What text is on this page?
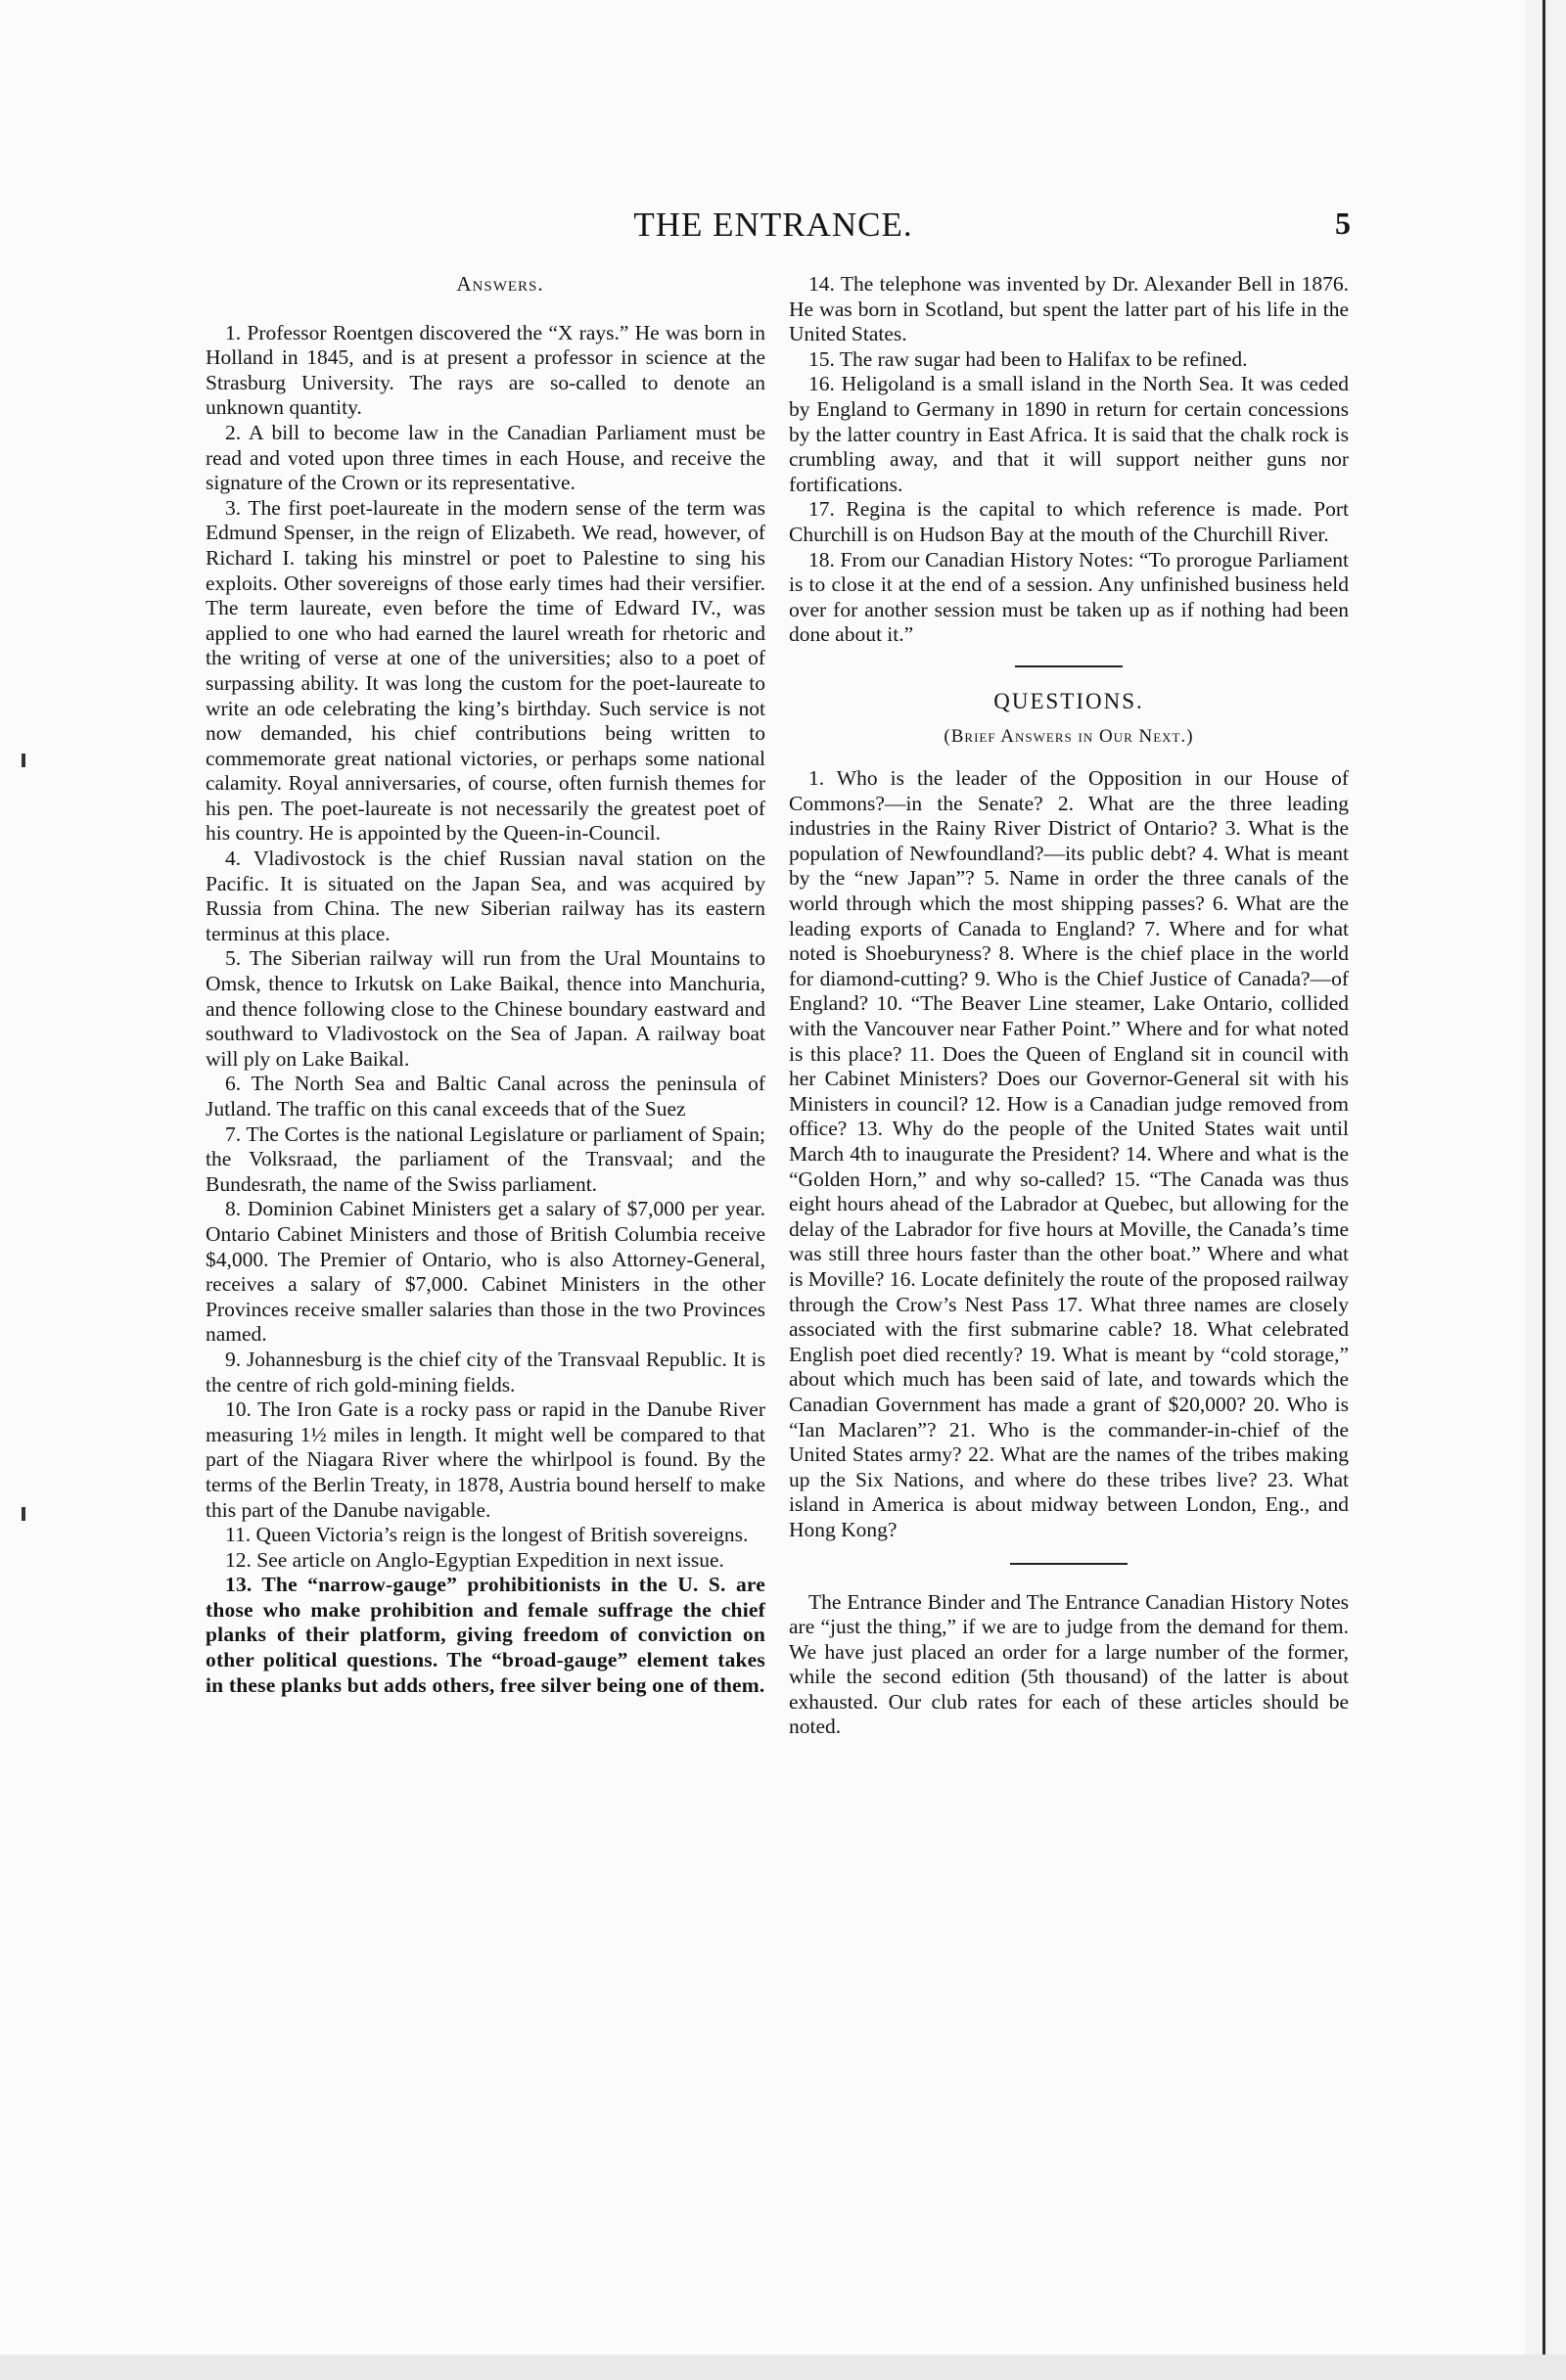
THE ENTRANCE.	5
Answers.

1. Professor Roentgen discovered the “X rays.” He was born in Holland in 1845, and is at present a professor in science at the Strasburg University. The rays are so-called to denote an unknown quantity.

2. A bill to become law in the Canadian Parliament must be read and voted upon three times in each House, and receive the signature of the Crown or its representative.

3. The first poet-laureate in the modern sense of the term was Edmund Spenser, in the reign of Elizabeth. We read, however, of Richard I. taking his minstrel or poet to Palestine to sing his exploits. Other sovereigns of those early times had their versifier. The term laureate, even before the time of Edward IV., was applied to one who had earned the laurel wreath for rhetoric and the writing of verse at one of the universities; also to a poet of surpassing ability. It was long the custom for the poet-laureate to write an ode celebrating the king’s birthday. Such service is not now demanded, his chief contributions being written to commemorate great national victories, or perhaps some national calamity. Royal anniversaries, of course, often furnish themes for his pen. The poet-laureate is not necessarily the greatest poet of his country. He is appointed by the Queen-in-Council.

4. Vladivostock is the chief Russian naval station on the Pacific. It is situated on the Japan Sea, and was acquired by Russia from China. The new Siberian railway has its eastern terminus at this place.

5. The Siberian railway will run from the Ural Mountains to Omsk, thence to Irkutsk on Lake Baikal, thence into Manchuria, and thence following close to the Chinese boundary eastward and southward to Vladivostock on the Sea of Japan. A railway boat will ply on Lake Baikal.

6. The North Sea and Baltic Canal across the peninsula of Jutland. The traffic on this canal exceeds that of the Suez

7. The Cortes is the national Legislature or parliament of Spain; the Volksraad, the parliament of the Transvaal; and the Bundesrath, the name of the Swiss parliament.

8. Dominion Cabinet Ministers get a salary of $7,000 per year. Ontario Cabinet Ministers and those of British Columbia receive $4,000. The Premier of Ontario, who is also Attorney-General, receives a salary of $7,000. Cabinet Ministers in the other Provinces receive smaller salaries than those in the two Provinces named.

9. Johannesburg is the chief city of the Transvaal Republic. It is the centre of rich gold-mining fields.

10. The Iron Gate is a rocky pass or rapid in the Danube River measuring 1½ miles in length. It might well be compared to that part of the Niagara River where the whirlpool is found. By the terms of the Berlin Treaty, in 1878, Austria bound herself to make this part of the Danube navigable.

11. Queen Victoria’s reign is the longest of British sovereigns.

12. See article on Anglo-Egyptian Expedition in next issue.

13. The “narrow-gauge” prohibitionists in the U. S. are those who make prohibition and female suffrage the chief planks of their platform, giving freedom of conviction on other political questions. The “broad-gauge” element takes in these planks but adds others, free silver being one of them.

14. The telephone was invented by Dr. Alexander Bell in 1876. He was born in Scotland, but spent the latter part of his life in the United States.

15. The raw sugar had been to Halifax to be refined.

16. Heligoland is a small island in the North Sea. It was ceded by England to Germany in 1890 in return for certain concessions by the latter country in East Africa. It is said that the chalk rock is crumbling away, and that it will support neither guns nor fortifications.

17. Regina is the capital to which reference is made. Port Churchill is on Hudson Bay at the mouth of the Churchill River.

18. From our Canadian History Notes: “To prorogue Parliament is to close it at the end of a session. Any unfinished business held over for another session must be taken up as if nothing had been done about it.”

QUESTIONS.
(Brief Answers in Our Next.)

1. Who is the leader of the Opposition in our House of Commons?—in the Senate? 2. What are the three leading industries in the Rainy River District of Ontario? 3. What is the population of Newfoundland?—its public debt? 4. What is meant by the “new Japan”? 5. Name in order the three canals of the world through which the most shipping passes? 6. What are the leading exports of Canada to England? 7. Where and for what noted is Shoeburyness? 8. Where is the chief place in the world for diamond-cutting? 9. Who is the Chief Justice of Canada?—of England? 10. “The Beaver Line steamer, Lake Ontario, collided with the Vancouver near Father Point.” Where and for what noted is this place? 11. Does the Queen of England sit in council with her Cabinet Ministers? Does our Governor-General sit with his Ministers in council? 12. How is a Canadian judge removed from office? 13. Why do the people of the United States wait until March 4th to inaugurate the President? 14. Where and what is the “Golden Horn,” and why so-called? 15. “The Canada was thus eight hours ahead of the Labrador at Quebec, but allowing for the delay of the Labrador for five hours at Moville, the Canada’s time was still three hours faster than the other boat.” Where and what is Moville? 16. Locate definitely the route of the proposed railway through the Crow’s Nest Pass 17. What three names are closely associated with the first submarine cable? 18. What celebrated English poet died recently? 19. What is meant by “cold storage,” about which much has been said of late, and towards which the Canadian Government has made a grant of $20,000? 20. Who is “Ian Maclaren”? 21. Who is the commander-in-chief of the United States army? 22. What are the names of the tribes making up the Six Nations, and where do these tribes live? 23. What island in America is about midway between London, Eng., and Hong Kong?

The Entrance Binder and The Entrance Canadian History Notes are “just the thing,” if we are to judge from the demand for them. We have just placed an order for a large number of the former, while the second edition (5th thousand) of the latter is about exhausted. Our club rates for each of these articles should be noted.
